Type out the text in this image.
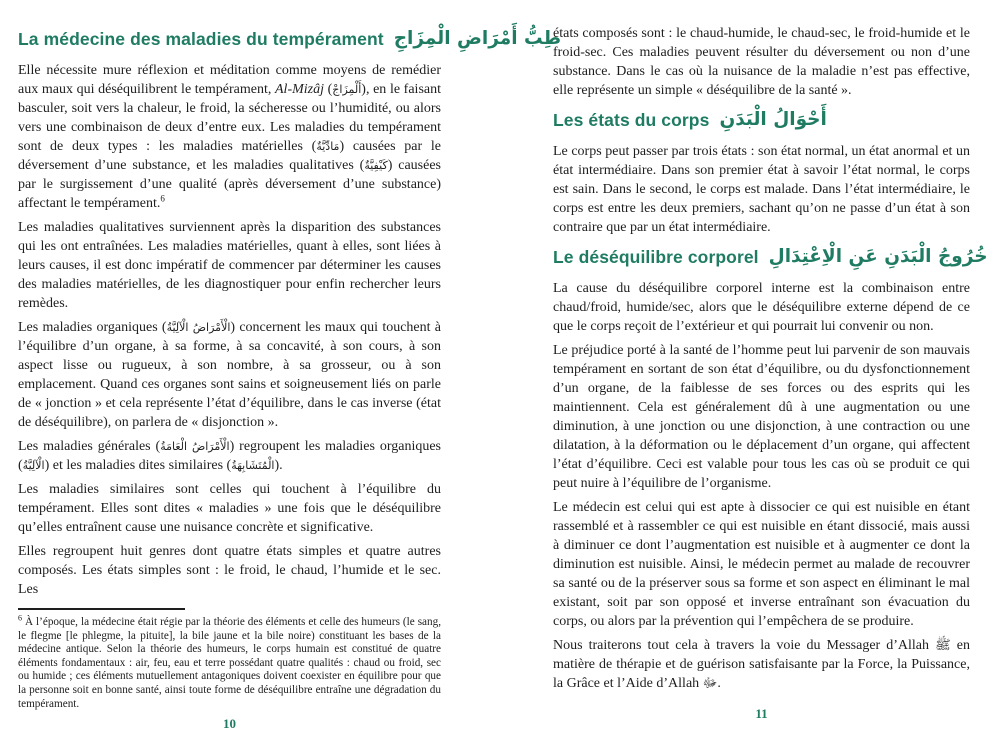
La médecine des maladies du tempérament طِبُّ أَمْرَاضِ الْمِزَاجِ

Elle nécessite mure réflexion et méditation comme moyens de remédier aux maux qui déséquilibrent le tempérament, Al-Mizâj (أَلْمِزَاجْ), en le faisant basculer, soit vers la chaleur, le froid, la sécheresse ou l’humidité, ou alors vers une combinaison de deux d’entre eux. Les maladies du tempérament sont de deux types : les maladies matérielles (مَادِّيَّةٌ) causées par le déversement d’une substance, et les maladies qualitatives (كَيْفِيَّةٌ) causées par le surgissement d’une qualité (après déversement d’une substance) affectant le tempérament.$^6$

Les maladies qualitatives surviennent après la disparition des substances qui les ont entraînées. Les maladies matérielles, quant à elles, sont liées à leurs causes, il est donc impératif de commencer par déterminer les causes des maladies matérielles, de les diagnostiquer pour enfin rechercher leurs remèdes.

Les maladies organiques (الْأَمْرَاضُ الْآلِيَّةُ) concernent les maux qui touchent à l’équilibre d’un organe, à sa forme, à sa concavité, à son cours, à son aspect lisse ou rugueux, à son nombre, à sa grosseur, ou à son emplacement. Quand ces organes sont sains et soigneusement liés on parle de « jonction » et cela représente l’état d’équilibre, dans le cas inverse (état de déséquilibre), on parlera de « disjonction ».

Les maladies générales (الْأَمْرَاضُ الْعَامَةُ) regroupent les maladies organiques (الْآلِيَّةُ) et les maladies dites similaires (الْمُتَشَابِهَةُ).

Les maladies similaires sont celles qui touchent à l’équilibre du tempérament. Elles sont dites « maladies » une fois que le déséquilibre qu’elles entraînent cause une nuisance concrète et significative.

Elles regroupent huit genres dont quatre états simples et quatre autres composés. Les états simples sont : le froid, le chaud, l’humide et le sec. Les

$^6$ À l’époque, la médecine était régie par la théorie des éléments et celle des humeurs (le sang, le flegme [le phlegme, la pituite], la bile jaune et la bile noire) constituant les bases de la médecine antique. Selon la théorie des humeurs, le corps humain est constitué de quatre éléments fondamentaux : air, feu, eau et terre possédant quatre qualités : chaud ou froid, sec ou humide ; ces éléments mutuellement antagoniques doivent coexister en équilibre pour que la personne soit en bonne santé, ainsi toute forme de déséquilibre entraîne une dégradation du tempérament.

10

états composés sont : le chaud-humide, le chaud-sec, le froid-humide et le froid-sec. Ces maladies peuvent résulter du déversement ou non d’une substance. Dans le cas où la nuisance de la maladie n’est pas effective, elle représente un simple « déséquilibre de la santé ».

Les états du corps أَحْوَالُ الْبَدَنِ

Le corps peut passer par trois états : son état normal, un état anormal et un état intermédiaire. Dans son premier état à savoir l’état normal, le corps est sain. Dans le second, le corps est malade. Dans l’état intermédiaire, le corps est entre les deux premiers, sachant qu’on ne passe d’un état à son contraire que par un état intermédiaire.

Le déséquilibre corporel خُرُوجُ الْبَدَنِ عَنِ الْاِعْتِدَالِ

La cause du déséquilibre corporel interne est la combinaison entre chaud/froid, humide/sec, alors que le déséquilibre externe dépend de ce que le corps reçoit de l’extérieur et qui pourrait lui convenir ou non.

Le préjudice porté à la santé de l’homme peut lui parvenir de son mauvais tempérament en sortant de son état d’équilibre, ou du dysfonctionnement d’un organe, de la faiblesse de ses forces ou des esprits qui les maintiennent. Cela est généralement dû à une augmentation ou une diminution, à une jonction ou une disjonction, à une contraction ou une dilatation, à la déformation ou le déplacement d’un organe, qui affectent l’état d’équilibre. Ceci est valable pour tous les cas où se produit ce qui peut nuire à l’équilibre de l’organisme.

Le médecin est celui qui est apte à dissocier ce qui est nuisible en étant rassemblé et à rassembler ce qui est nuisible en étant dissocié, mais aussi à diminuer ce dont l’augmentation est nuisible et à augmenter ce dont la diminution est nuisible. Ainsi, le médecin permet au malade de recouvrer sa santé ou de la préserver sous sa forme et son aspect en éliminant le mal existant, soit par son opposé et inverse entraînant son évacuation du corps, ou alors par la prévention qui l’empêchera de se produire.

Nous traiterons tout cela à travers la voie du Messager d’Allah ﷺ en matière de thérapie et de guérison satisfaisante par la Force, la Puissance, la Grâce et l’Aide d’Allah ﷻ.

11
